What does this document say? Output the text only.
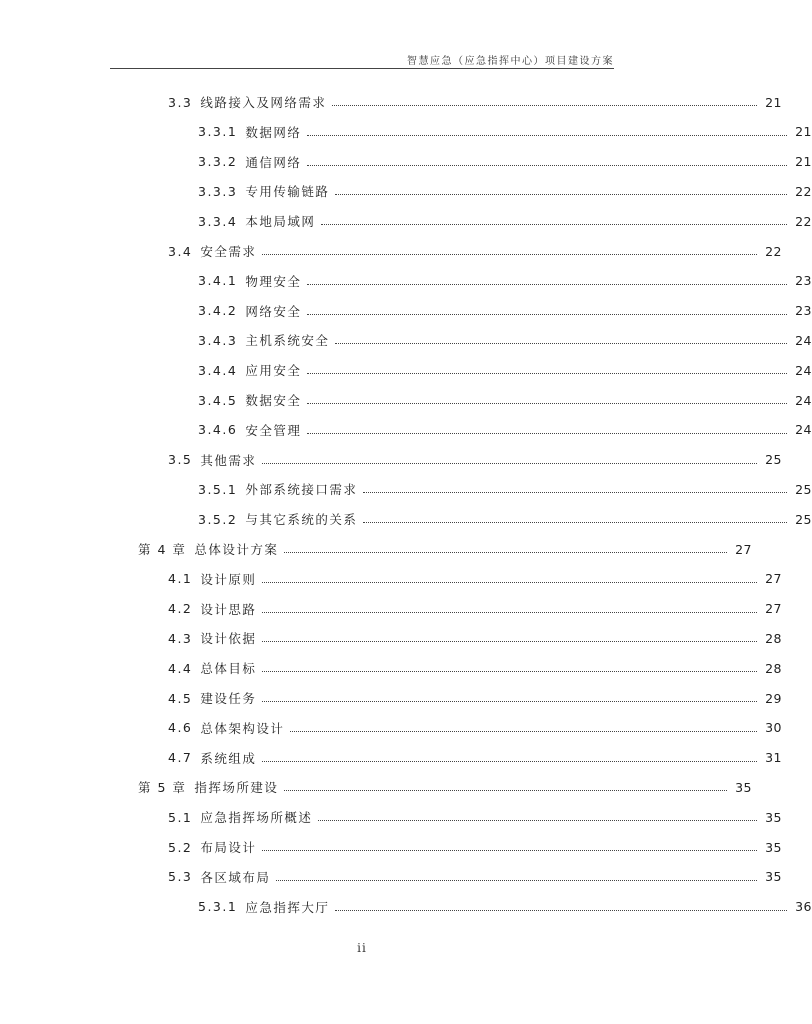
智慧应急（应急指挥中心）项目建设方案
3.3 线路接入及网络需求	21
3.3.1 数据网络	21
3.3.2 通信网络	21
3.3.3 专用传输链路	22
3.3.4 本地局域网	22
3.4 安全需求	22
3.4.1 物理安全	23
3.4.2 网络安全	23
3.4.3 主机系统安全	24
3.4.4 应用安全	24
3.4.5 数据安全	24
3.4.6 安全管理	24
3.5 其他需求	25
3.5.1 外部系统接口需求	25
3.5.2 与其它系统的关系	25
第 4 章 总体设计方案	27
4.1 设计原则	27
4.2 设计思路	27
4.3 设计依据	28
4.4 总体目标	28
4.5 建设任务	29
4.6 总体架构设计	30
4.7 系统组成	31
第 5 章 指挥场所建设	35
5.1 应急指挥场所概述	35
5.2 布局设计	35
5.3 各区域布局	35
5.3.1 应急指挥大厅	36
ii
